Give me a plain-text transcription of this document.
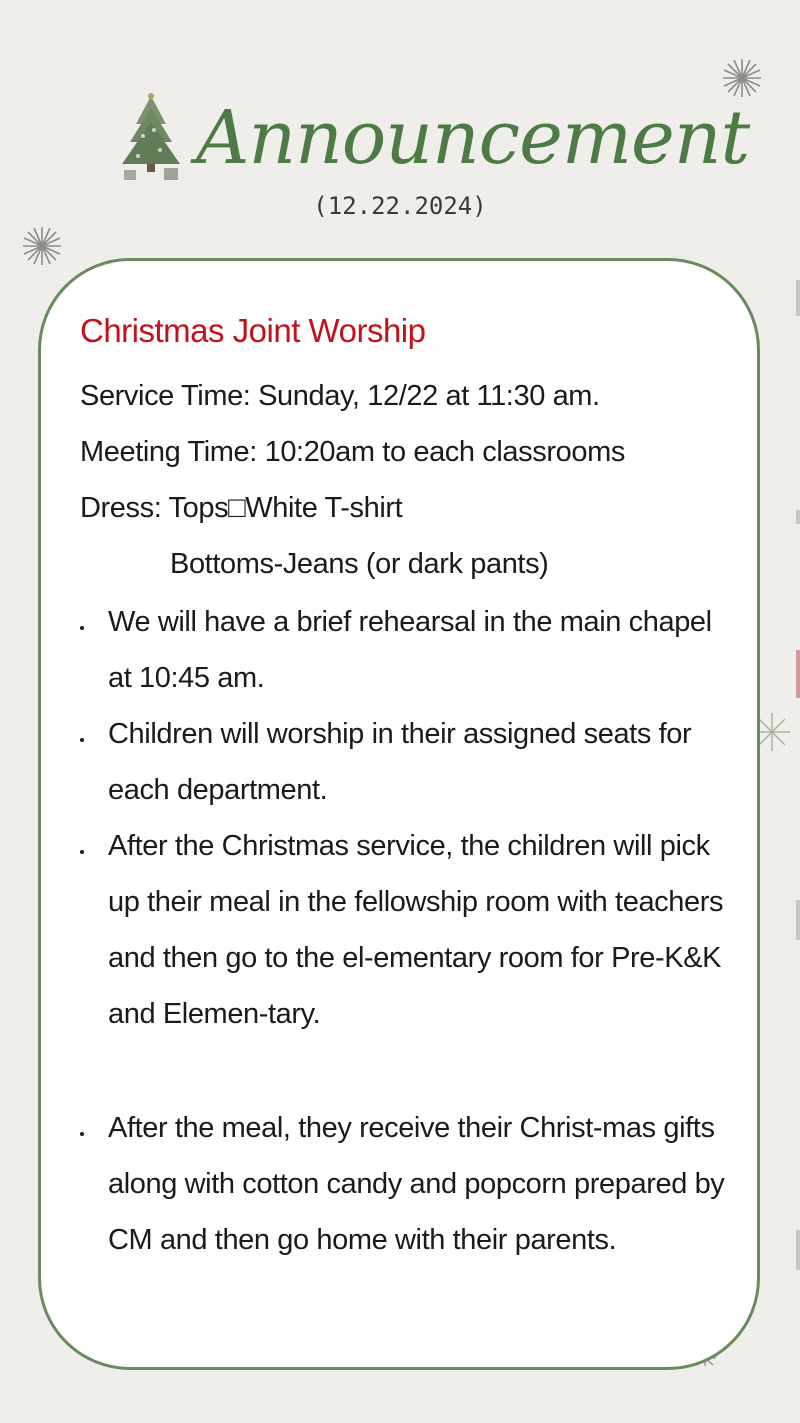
Announcement
(12.22.2024)
Christmas Joint Worship
Service Time: Sunday, 12/22 at 11:30 am.
Meeting Time: 10:20am to each classrooms
Dress: Tops□White T-shirt
Bottoms-Jeans (or dark pants)
We will have a brief rehearsal in the main chapel at 10:45 am.
Children will worship in their assigned seats for each department.
After the Christmas service, the children will pick up their meal in the fellowship room with teachers and then go to the el-ementary room for Pre-K&K and Elemen-tary.
After the meal, they receive their Christ-mas gifts along with cotton candy and popcorn prepared by CM and then go home with their parents.
